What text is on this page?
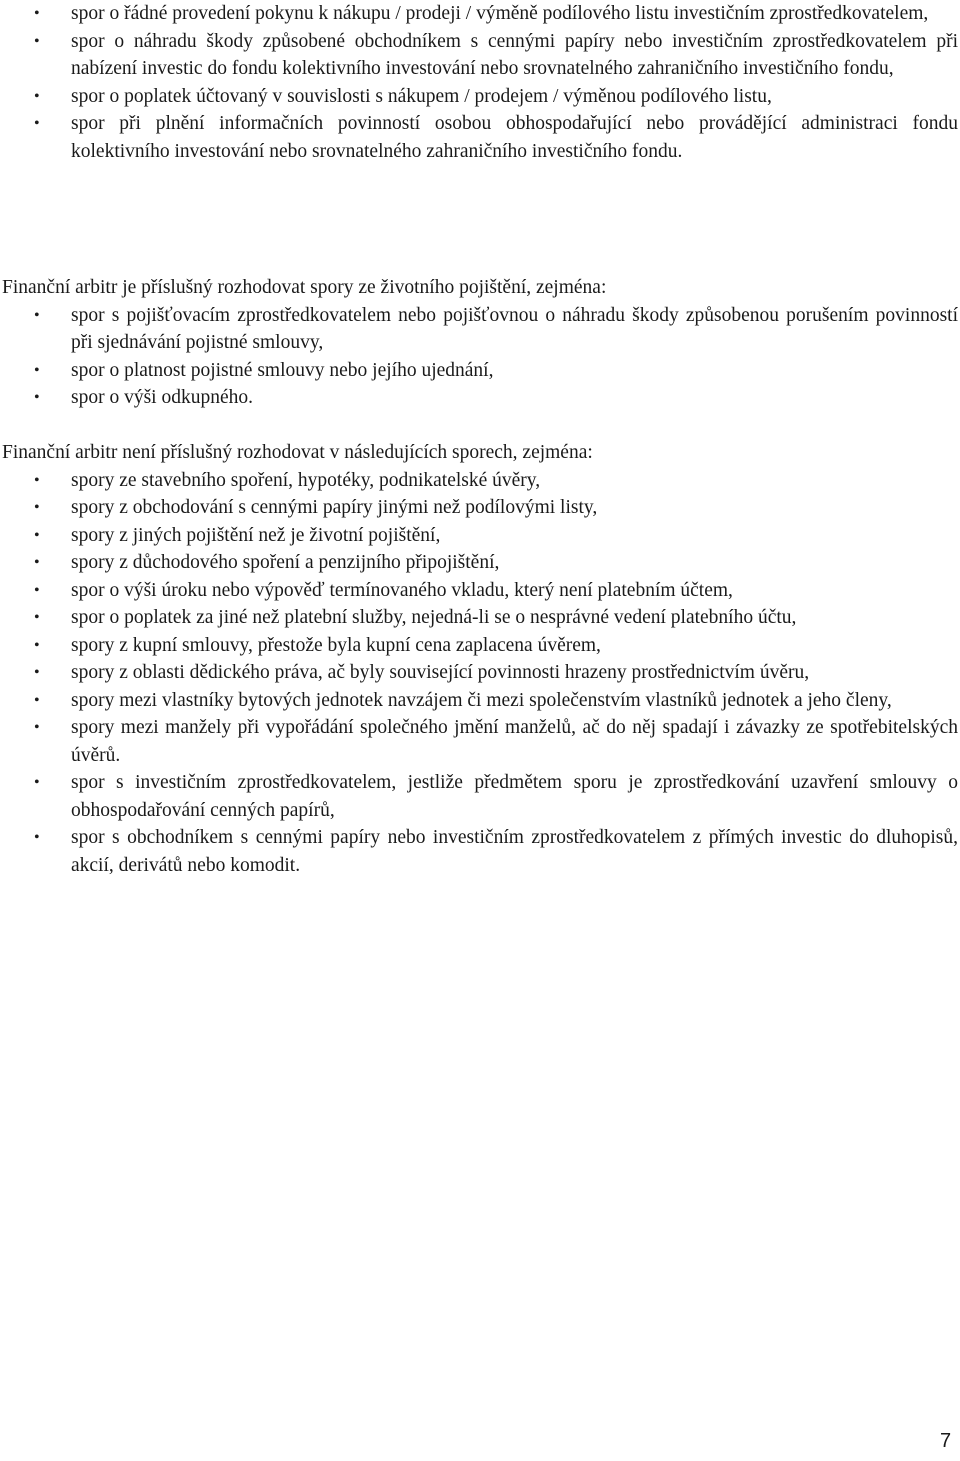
• spor o řádné provedení pokynu k nákupu / prodeji / výměně podílového listu investičním zprostředkovatelem,
• spor o náhradu škody způsobené obchodníkem s cennými papíry nebo investičním zprostředkovatelem při nabízení investic do fondu kolektivního investování nebo srovnatelného zahraničního investičního fondu,
• spor o poplatek účtovaný v souvislosti s nákupem / prodejem / výměnou podílového listu,
• spor při plnění informačních povinností osobou obhospodařující nebo provádějící administraci fondu kolektivního investování nebo srovnatelného zahraničního investičního fondu.

Finanční arbitr je příslušný rozhodovat spory ze životního pojištění, zejména:

• spor s pojišťovacím zprostředkovatelem nebo pojišťovnou o náhradu škody způsobenou porušením povinností při sjednávání pojistné smlouvy,
• spor o platnost pojistné smlouvy nebo jejího ujednání,
• spor o výši odkupného.

Finanční arbitr není příslušný rozhodovat v následujících sporech, zejména:

• spory ze stavebního spoření, hypotéky, podnikatelské úvěry,
• spory z obchodování s cennými papíry jinými než podílovými listy,
• spory z jiných pojištění než je životní pojištění,
• spory z důchodového spoření a penzijního připojištění,
• spor o výši úroku nebo výpověď termínovaného vkladu, který není platebním účtem,
• spor o poplatek za jiné než platební služby, nejedná-li se o nesprávné vedení platebního účtu,
• spory z kupní smlouvy, přestože byla kupní cena zaplacena úvěrem,
• spory z oblasti dědického práva, ač byly související povinnosti hrazeny prostřednictvím úvěru,
• spory mezi vlastníky bytových jednotek navzájem či mezi společenstvím vlastníků jednotek a jeho členy,
• spory mezi manžely při vypořádání společného jmění manželů, ač do něj spadají i závazky ze spotřebitelských úvěrů.
• spor s investičním zprostředkovatelem, jestliže předmětem sporu je zprostředkování uzavření smlouvy o obhospodařování cenných papírů,
• spor s obchodníkem s cennými papíry nebo investičním zprostředkovatelem z přímých investic do dluhopisů, akcií, derivátů nebo komodit.
7
